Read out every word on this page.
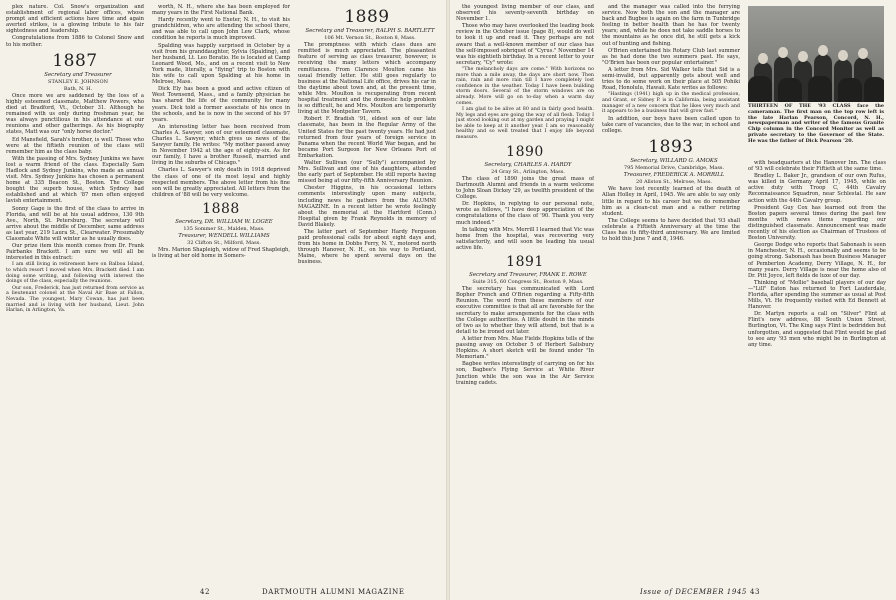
plex nature. Col. Snow's organization and establishment of regional labor offices, whose prompt and efficient actions have time and again averted strikes, is a glowing tribute to his fair sightedness and leadership.

Congratulations from 1886 to Colonel Snow and to his mother.

1887

Secretary and Treasurer

STANLEY E. JOHNSON

Bath, N. H.

Once more we are saddened by the loss of a highly esteemed classmate, Matthew Powers, who died at Bradford, Vt., October 31. Although he remained with us only during freshman year, he was always punctilious in his attendance at our reunions and other gatherings. As his biography states, Matt was our "only horse doctor."

Ed Mansfield, Sarah's brother, is well. Those who were at the fiftieth reunion of the class will remember him as the class baby.

With the passing of Mrs. Sydney Junkins we have lost a warm friend of the class. Especially Sam Hadlock and Sydney Junkins, who made an annual visit. Mrs. Sydney Junkins has chosen a permanent home at 335 Beacon St., Boston. The College bought the superb house, which Sydney had established and at which '87 men often enjoyed lavish entertainment.

Sonny Gage is the first of the class to arrive in Florida, and will be at his usual address, 130 9th Ave., North, St. Petersburg. The secretary will arrive about the middle of December, same address as last year, 219 Laura St., Clearwater. Presumably Classmate White will winter as he usually does.

Our prize item this month comes from Dr. Frank Pairbanks Brackett. I am sure we will all be interested in this extract:

I am still living in retirement here on Balboa Island, to which resort I moved when Mrs. Brackett died. I am doing some writing, and following with interest the doings of the class, especially the reunions.

Our son, Frederick, has just returned from service as a lieutenant colonel at the Naval Air Base at Fallon, Nevada. The youngest, Mary Cowan, has just been married and is living with her husband, Lieut. John Harlan, in Arlington, Va.

worth, N. H., where she has been employed for many years in the First National Bank.

Hardy recently went to Exeter, N. H., to visit his grandchildren, who are attending the school there, and was able to call upon John Lew Clark, whose condition he reports is much improved.

Spalding was happily surprised in October by a visit from his granddaughter, Sylvia (Spalding), and her husband, Lt. Leo Boratio. He is located at Camp Leonard Wood, Mo., and on a recent visit to New York made, literally, a "flying" trip to Boston with his wife to call upon Spalding at his home in Melrose, Mass.

Dick Ely has been a good and active citizen of West Townsend, Mass., and a family physician he has shared the life of the community for many years. Dick told a former associate of his once in the schools, and he is now in the second of his 97 years.

An interesting letter has been received from Charles A. Sawyer, son of our esteemed classmate, Charles L. Sawyer, which gives us news of the Sawyer family. He writes: "My mother passed away in November 1942 at the age of eighty-six. As for our family, I have a brother Russell, married and living in the suburbs of Chicago."

Charles L. Sawyer's only death in 1918 deprived the class of one of its most loyal and highly respected members. The above letter from his fine son will be greatly appreciated. All letters from the children of '88 will be very welcome.

1888

Secretary, DR. WILLIAM W. LOGEE

135 Sommer St., Malden, Mass.

Treasurer, WENDELL WILLIAMS

32 Clifton St., Milford, Mass.

Mrs. Marion Shapleigh, widow of Fred Shapleigh, is living at her old home in Somers-

1889

Secretary and Treasurer, RALPH S. BARTLETT

106 Mt. Vernon St., Boston 8, Mass.

The promptness with which class dues are remitted is much appreciated. The pleasantest feature of serving as class treasurer, however, is receiving the many letters which accompany remittances. From Clarence Moulton came his usual friendly letter. He still goes regularly to business at the National Life office, drives his car in the daytime about town and, at the present time, while Mrs. Moulton is recuperating from recent hospital treatment and the domestic help problem is so difficult, he and Mrs. Moulton are temporarily living at the Montpelier Tavern.

Robert F. Bradish '91, eldest son of our late classmate, has been in the Regular Army of the United States for the past twenty years. He had just returned from four years of foreign service in Panama when the recent World War began, and he became Port Surgeon for New Orleans Port of Embarkation.

Walter Sullivan (our "Sully") accompanied by Mrs. Sullivan and one of his daughters, attended the early part of September. He still reports having missed being at our fifty-fifth Anniversary Reunion.

Chester Higgins, in his occasional letters comments interestingly upon many subjects, including news he gathers from the ALUMNI MAGAZINE. In a recent letter he wrote feelingly about the memorial at the Hartford (Conn.) Hospital given by Frank Reynolds in memory of David Blakely.

The latter part of September Hardy Ferguson paid professional calls for about eight days and, from his home in Dobbs Ferry, N. Y., motored north through Hanover, N. H., on his way to Portland, Maine, where he spent several days on the business.

42	DARTMOUTH ALUMNI MAGAZINE

the youngest living member of our class, and observed his seventy-seventh birthday on November 1.

Those who may have overlooked the leading book review in the October issue (page 8), would do well to look it up and read it. They perhaps are not aware that a well-known member of our class has the self-imposed sobriquet of "Cyrus." November 14 was his eightieth birthday. In a recent letter to your secretary, "Cy" wrote:

"The melancholy days are come." With horizons no more than a mile away, the days are short now. Then rain, rain and more rain till I have completely lost confidence in the weather. Today I have been building storm doors. Several of the storm windows are on already. More will go on to-day when a warm day comes.

I am glad to be alive at 80 and in fairly good health. My legs and eyes are going the way of all flesh. Today I just stood looking out at my garden and praying I might be able to keep at it another year. I am so reasonably healthy and so well treated that I enjoy life beyond measure.

1890

Secretary, CHARLES A. HARDY

24 Gray St., Arlington, Mass.

The class of 1890 joins the great mass of Dartmouth Alumni and friends in a warm welcome to John Sloan Dickey '29, as twelfth president of the College.

Dr. Hopkins, in replying to our personal note, wrote as follows, "I have deep appreciation of the congratulations of the class of '90. Thank you very much indeed."

In talking with Mrs. Merrill I learned that Vic was home from the hospital, was recovering very satisfactorily, and will soon be leading his usual active life.

1891

Secretary and Treasurer, FRANK E. ROWE

Suite 315, 60 Congress St., Boston 9, Mass.

The secretary has communicated with Lord Bopher French and O'Brien regarding a Fifty-fifth Reunion. The word from these members of our executive committee is that all are favorable for the secretary to make arrangements for the class with the College authorities. A little doubt in the minds of two as to whether they will attend, but that is a detail to be ironed out later.

A letter from Mrs. Mae Fields Hopkins tells of the passing away on October 5 of Herbert Salisbury Hopkins. A short sketch will be found under "In Memoriam."

Bagbee writes interestingly of carrying on for his son, Bagbee's Flying Service at White River Junction while the son was in the Air Service training cadets.

and the manager was called into the ferrying service. Now both the son and the manager are back and Bugbee is again on the farm in Tunbridge feeling in better health than he has for twenty years; and, while he does not take saddle horses to the mountains as he once did, he still gets a kick out of hunting and fishing.

O'Brien entertained his Rotary Club last summer as he had done the two summers past. He says, "O'Brien has been our popular entertainer."

A letter from Mrs. Sid Walker tells that Sid is a semi-invalid, but apparently gets about well and tries to do some work on their place at 505 Pohiki Road, Honolulu, Hawaii. Kate writes as follows:

"Hastings (1941) high up in the medical profession, and Grant, or Sidney P. is in California, being assistant manager of a new concern that he likes very much and it appears to be a business that will grow fast."

In addition, our boys have been called upon to take care of vacancies, due to the war, in school and college.

1893

Secretary, WILLARD G. AMOKS

795 Memorial Drive, Cambridge, Mass.

Treasurer, FREDERICK A. MORRILL

20 Allston St., Melrose, Mass.

We have lost recently learned of the death of Allan Holley in April, 1945. We are able to say only little in regard to his career but we do remember him as a clean-cut man and a rather retiring student.

The College seems to have decided that '93 shall celebrate a Fiftieth Anniversary at the time the Class has its fifty-third anniversary. We are limited to hold this June 7 and 8, 1946.

THIRTEEN OF THE '93 CLASS face the cameraman. The first man on the top row left is the late Harlan Pearson, Concord, N. H., newspaperman and writer of the famous Granite Chip column in the Concord Monitor as well as private secretary to the Governor of the State. He was the father of Dick Pearson '20.

with headquarters at the Hanover Inn. The class of '93 will celebrate their Fiftieth at the same time.

Bradley L. Baker Jr., grandson of our own Rufus, was killed in Germany April 17, 1945, while on active duty with Troop C, 44th Cavalry Reconnaissance Squadron, near Schlestal. He saw action with the 44th Cavalry group.

President Guy Cox has learned out from the Boston papers several times during the past few months with news items regarding our distinguished classmate. Announcement was made recently of his election as Chairman of Trustees of Boston University.

George Dodge who reports that Sabonash is seen in Manchester, N. H., occasionally and seems to be going strong. Sabonash has been Business Manager of Pemberton Academy, Derry Village, N. H., for many years. Derry Village is near the home also of Dr. Pitt Joyce, left fields de luxe of our day.

Thinking of "Mollie" baseball players of our day—"Lill" Eaton has returned to Fort Lauderdale, Florida, after spending the summer as usual at Post Mills, Vt. He frequently visited with Ed Bennett at Hanover.

Dr. Martyn reports a call on "Silver" Flint at Flint's new address, 88 South Union Street, Burlington, Vt. The King says Flint is bedridden but unforgotten, and suggested that Flint would be glad to see any '93 men who might be in Burlington at any time.

Issue of DECEMBER 1945 43
